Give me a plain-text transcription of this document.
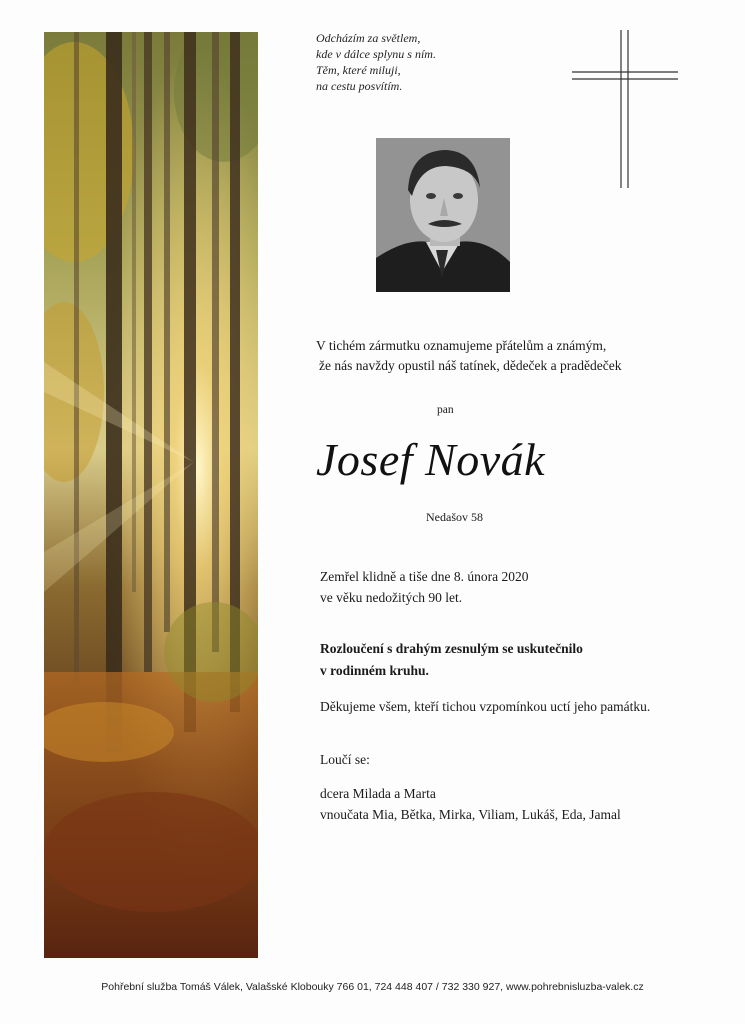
Odcházím za světlem,
kde v dálce splynu s ním.
Těm, které miluji,
na cestu posvítím.
V tichém zármutku oznamujeme přátelům a známým,
že nás navždy opustil náš tatínek, dědeček a pradědeček
pan
Josef Novák
Nedašov 58
Zemřel klidně a tiše dne 8. února 2020
ve věku nedožitých 90 let.
Rozloučení s drahým zesnulým se uskutečnilo
v rodinném kruhu.
Děkujeme všem, kteří tichou vzpomínkou uctí jeho památku.
Loučí se:
dcera Milada a Marta
vnoučata Mia, Bětka, Mirka, Viliam, Lukáš, Eda, Jamal
Pohřební služba Tomáš Válek, Valašské Klobouky 766 01, 724 448 407 / 732 330 927, www.pohrebnisluzba-valek.cz
